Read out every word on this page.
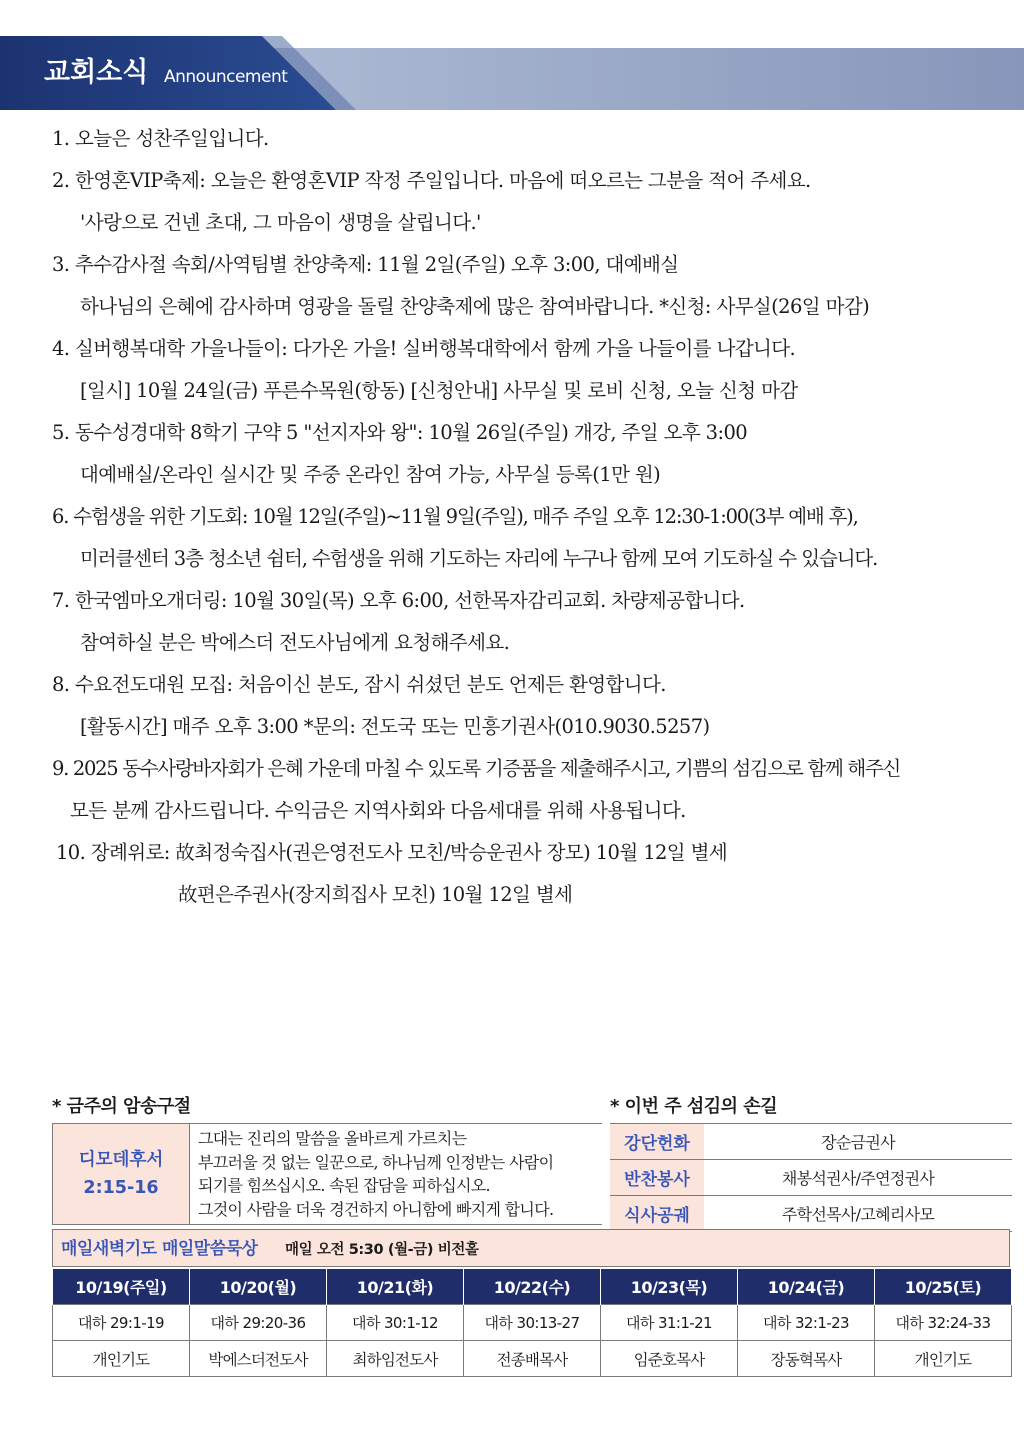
교회소식 Announcement
1. 오늘은 성찬주일입니다.
2. 한영혼VIP축제: 오늘은 환영혼VIP 작정 주일입니다. 마음에 떠오르는 그분을 적어 주세요.
'사랑으로 건넨 초대, 그 마음이 생명을 살립니다.'
3. 추수감사절 속회/사역팀별 찬양축제: 11월 2일(주일) 오후 3:00, 대예배실
하나님의 은혜에 감사하며 영광을 돌릴 찬양축제에 많은 참여바랍니다. *신청: 사무실(26일 마감)
4. 실버행복대학 가을나들이: 다가온 가을! 실버행복대학에서 함께 가을 나들이를 나갑니다.
[일시] 10월 24일(금) 푸른수목원(항동) [신청안내] 사무실 및 로비 신청, 오늘 신청 마감
5. 동수성경대학 8학기 구약 5 "선지자와 왕": 10월 26일(주일) 개강, 주일 오후 3:00
대예배실/온라인 실시간 및 주중 온라인 참여 가능, 사무실 등록(1만 원)
6. 수험생을 위한 기도회: 10월 12일(주일)~11월 9일(주일), 매주 주일 오후 12:30-1:00(3부 예배 후),
미러클센터 3층 청소년 쉼터, 수험생을 위해 기도하는 자리에 누구나 함께 모여 기도하실 수 있습니다.
7. 한국엠마오개더링: 10월 30일(목) 오후 6:00, 선한목자감리교회. 차량제공합니다.
참여하실 분은 박에스더 전도사님에게 요청해주세요.
8. 수요전도대원 모집: 처음이신 분도, 잠시 쉬셨던 분도 언제든 환영합니다.
[활동시간] 매주 오후 3:00 *문의: 전도국 또는 민흥기권사(010.9030.5257)
9. 2025 동수사랑바자회가 은혜 가운데 마칠 수 있도록 기증품을 제출해주시고, 기쁨의 섬김으로 함께 해주신
모든 분께 감사드립니다. 수익금은 지역사회와 다음세대를 위해 사용됩니다.
10. 장례위로: 故최정숙집사(권은영전도사 모친/박승운권사 장모) 10월 12일 별세
故편은주권사(장지희집사 모친) 10월 12일 별세
* 금주의 암송구절	* 이번 주 섬김의 손길
디모데후서
2:15-16

그대는 진리의 말씀을 올바르게 가르치는
부끄러울 것 없는 일꾼으로, 하나님께 인정받는 사람이
되기를 힘쓰십시오. 속된 잡담을 피하십시오.
그것이 사람을 더욱 경건하지 아니함에 빠지게 합니다.
강단헌화	장순금권사
반찬봉사	채봉석권사/주연정권사
식사공궤	주학선목사/고혜리사모
매일새벽기도 매일말씀묵상 매일 오전 5:30 (월-금) 비전홀
10/19(주일)	10/20(월)	10/21(화)	10/22(수)	10/23(목)	10/24(금)	10/25(토)
대하 29:1-19	대하 29:20-36	대하 30:1-12	대하 30:13-27	대하 31:1-21	대하 32:1-23	대하 32:24-33
개인기도	박에스더전도사	최하임전도사	전종배목사	임준호목사	장동혁목사	개인기도
